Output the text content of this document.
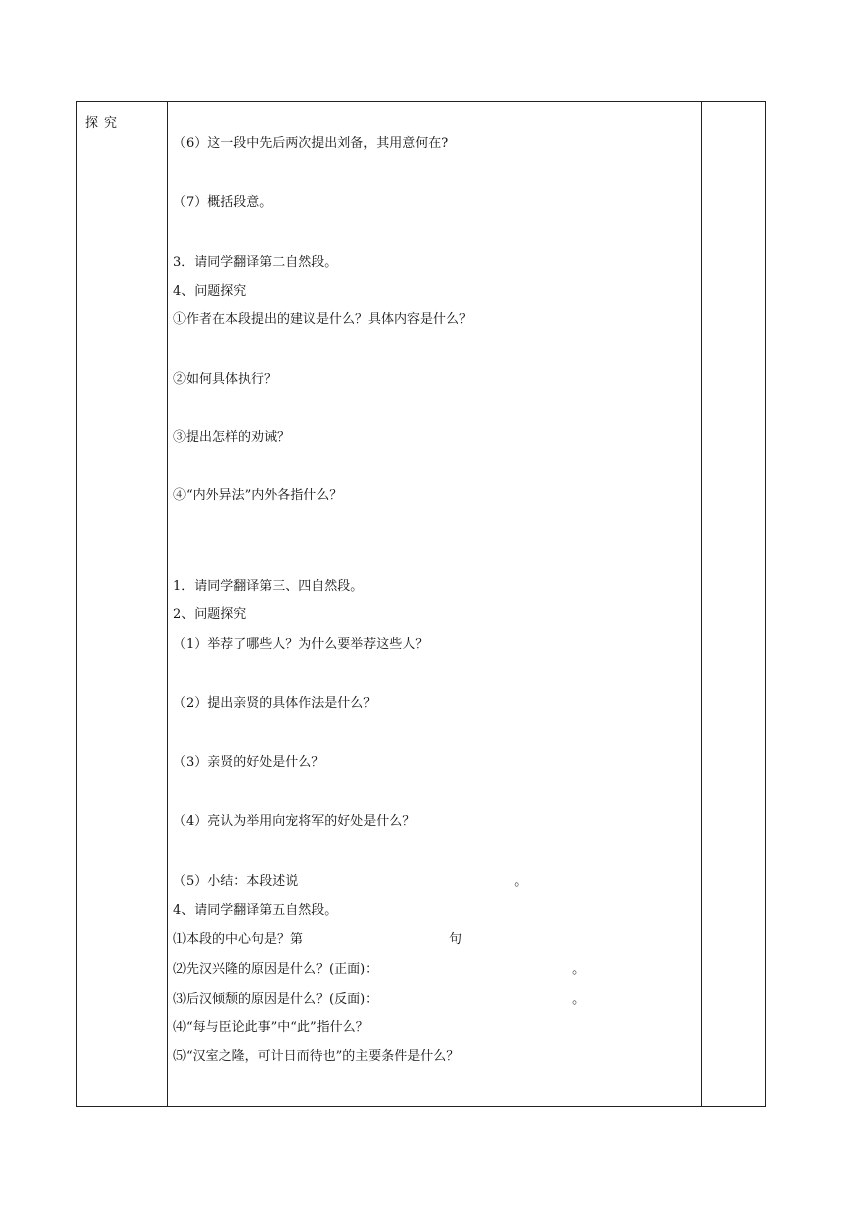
探究
（6）这一段中先后两次提出刘备，其用意何在?
（7）概括段意。
3．请同学翻译第二自然段。
4、问题探究
①作者在本段提出的建议是什么？具体内容是什么？
②如何具体执行？
③提出怎样的劝诫？
④“内外异法”内外各指什么？
1．请同学翻译第三、四自然段。
2、问题探究
（1）举荐了哪些人？为什么要举荐这些人？
（2）提出亲贤的具体作法是什么？
（3）亲贤的好处是什么？
（4）亮认为举用向宠将军的好处是什么？
（5）小结：本段述说	。
4、请同学翻译第五自然段。
⑴本段的中心句是？第	句
⑵先汉兴隆的原因是什么？(正面)：	。
⑶后汉倾颓的原因是什么？(反面)：	。
⑷“每与臣论此事”中“此”指什么？
⑸“汉室之隆，可计日而待也”的主要条件是什么？
